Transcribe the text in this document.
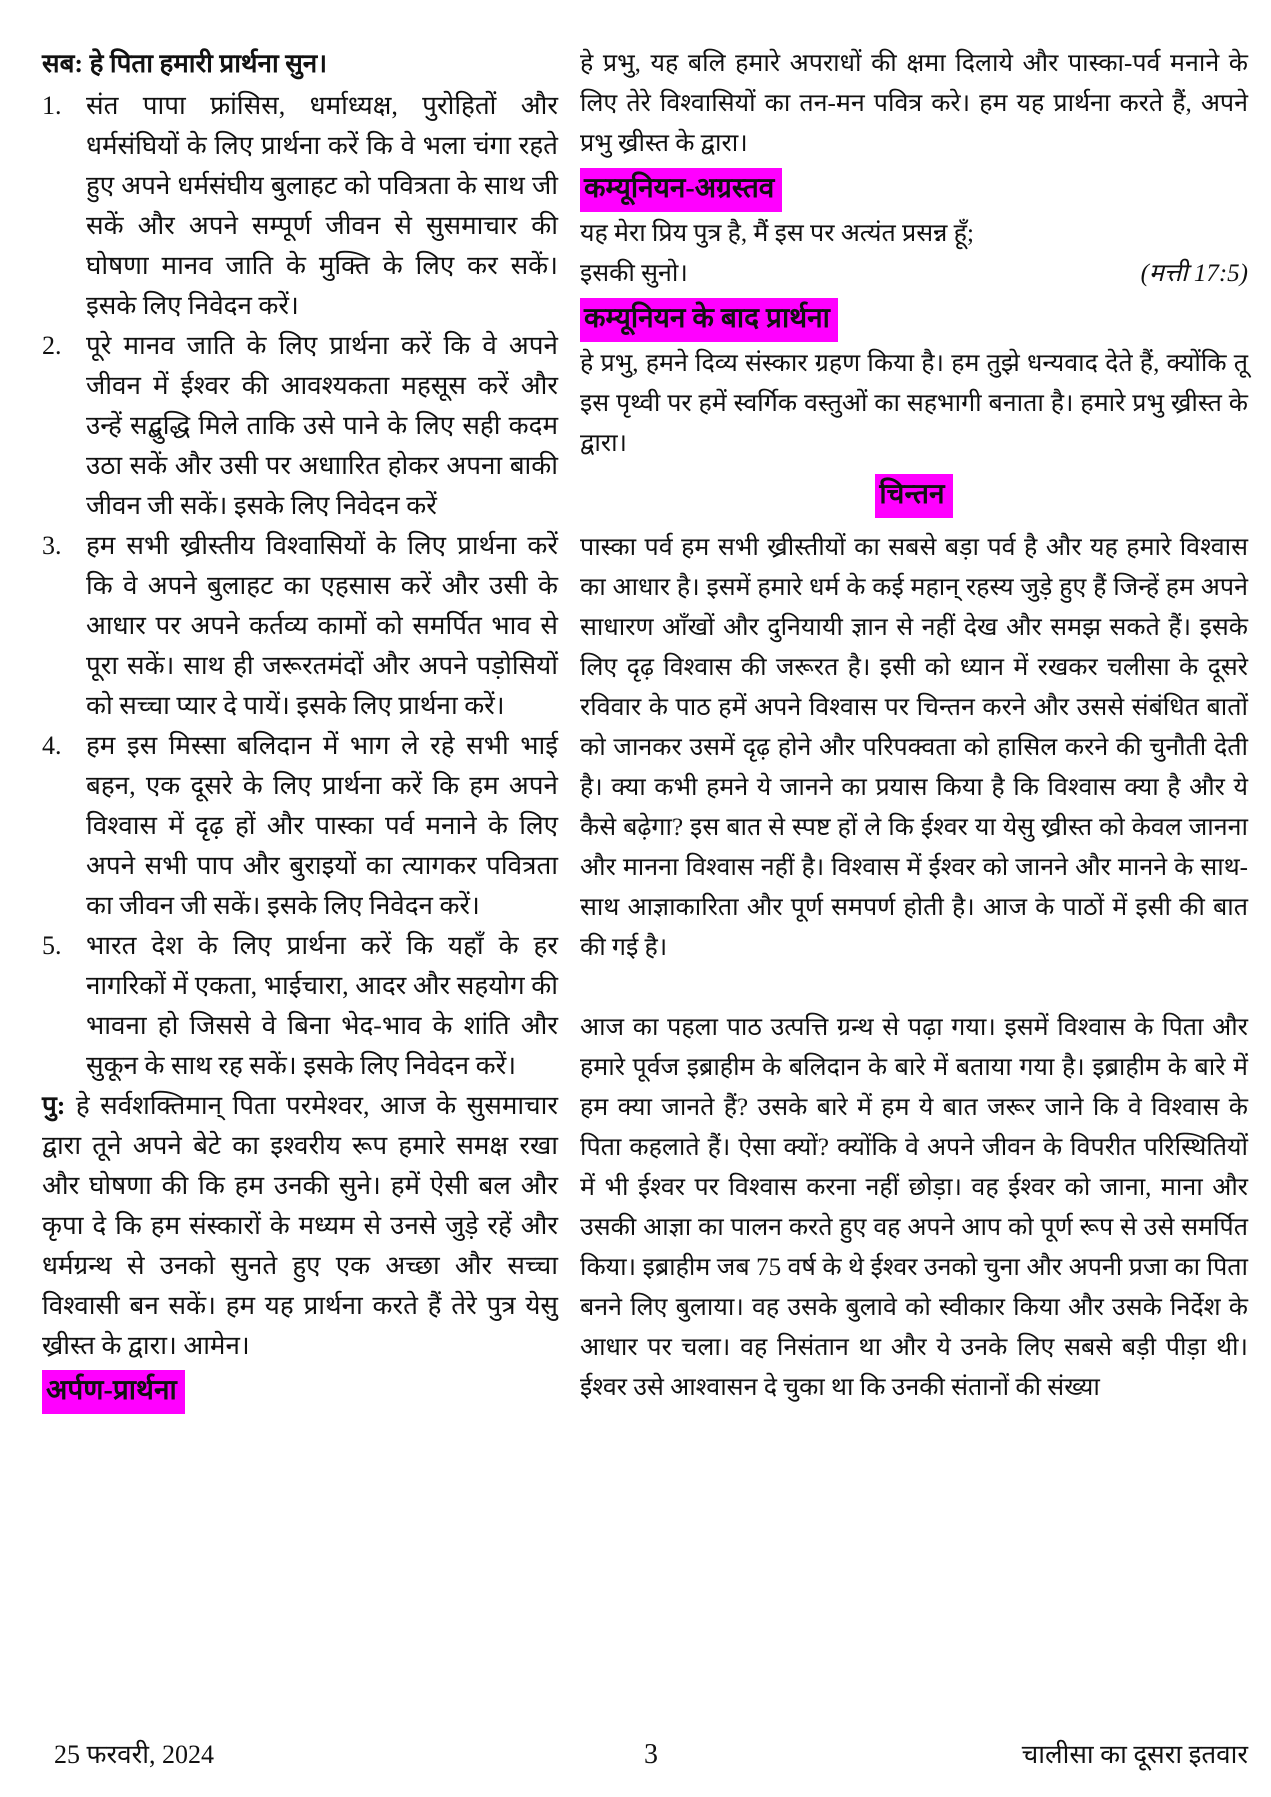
सब: हे पिता हमारी प्रार्थना सुन।

1. संत पापा फ्रांसिस, धर्माध्यक्ष, पुरोहितों और धर्मसंघियों के लिए प्रार्थना करें कि वे भला चंगा रहते हुए अपने धर्मसंघीय बुलाहट को पवित्रता के साथ जी सकें और अपने सम्पूर्ण जीवन से सुसमाचार की घोषणा मानव जाति के मुक्ति के लिए कर सकें। इसके लिए निवेदन करें।
2. पूरे मानव जाति के लिए प्रार्थना करें कि वे अपने जीवन में ईश्वर की आवश्यकता महसूस करें और उन्हें सद्बुद्धि मिले ताकि उसे पाने के लिए सही कदम उठा सकें और उसी पर अधाारित होकर अपना बाकी जीवन जी सकें। इसके लिए निवेदन करें
3. हम सभी ख्रीस्तीय विश्वासियों के लिए प्रार्थना करें कि वे अपने बुलाहट का एहसास करें और उसी के आधार पर अपने कर्तव्य कामों को समर्पित भाव से पूरा सकें। साथ ही जरूरतमंदों और अपने पड़ोसियों को सच्चा प्यार दे पायें। इसके लिए प्रार्थना करें।
4. हम इस मिस्सा बलिदान में भाग ले रहे सभी भाई बहन, एक दूसरे के लिए प्रार्थना करें कि हम अपने विश्वास में दृढ़ हों और पास्का पर्व मनाने के लिए अपने सभी पाप और बुराइयों का त्यागकर पवित्रता का जीवन जी सकें। इसके लिए निवेदन करें।
5. भारत देश के लिए प्रार्थना करें कि यहाँ के हर नागरिकों में एकता, भाईचारा, आदर और सहयोग की भावना हो जिससे वे बिना भेद-भाव के शांति और सुकून के साथ रह सकें। इसके लिए निवेदन करें।

पु: हे सर्वशक्तिमान् पिता परमेश्वर, आज के सुसमाचार द्वारा तूने अपने बेटे का इश्वरीय रूप हमारे समक्ष रखा और घोषणा की कि हम उनकी सुने। हमें ऐसी बल और कृपा दे कि हम संस्कारों के मध्यम से उनसे जुड़े रहें और धर्मग्रन्थ से उनको सुनते हुए एक अच्छा और सच्चा विश्वासी बन सकें। हम यह प्रार्थना करते हैं तेरे पुत्र येसु ख्रीस्त के द्वारा। आमेन।

अर्पण-प्रार्थना

हे प्रभु, यह बलि हमारे अपराधों की क्षमा दिलाये और पास्का-पर्व मनाने के लिए तेरे विश्वासियों का तन-मन पवित्र करे। हम यह प्रार्थना करते हैं, अपने प्रभु ख्रीस्त के द्वारा।

कम्यूनियन-अग्रस्तव
यह मेरा प्रिय पुत्र है, मैं इस पर अत्यंत प्रसन्न हूँ;
इसकी सुनो।	(मत्ती 17:5)
कम्यूनियन के बाद प्रार्थना

हे प्रभु, हमने दिव्य संस्कार ग्रहण किया है। हम तुझे धन्यवाद देते हैं, क्योंकि तू इस पृथ्वी पर हमें स्वर्गिक वस्तुओं का सहभागी बनाता है। हमारे प्रभु ख्रीस्त के द्वारा।

चिन्तन

पास्का पर्व हम सभी ख्रीस्तीयों का सबसे बड़ा पर्व है और यह हमारे विश्वास का आधार है। इसमें हमारे धर्म के कई महान् रहस्य जुड़े हुए हैं जिन्हें हम अपने साधारण आँखों और दुनियायी ज्ञान से नहीं देख और समझ सकते हैं। इसके लिए दृढ़ विश्वास की जरूरत है। इसी को ध्यान में रखकर चलीसा के दूसरे रविवार के पाठ हमें अपने विश्वास पर चिन्तन करने और उससे संबंधित बातों को जानकर उसमें दृढ़ होने और परिपक्वता को हासिल करने की चुनौती देती है। क्या कभी हमने ये जानने का प्रयास किया है कि विश्वास क्या है और ये कैसे बढ़ेगा? इस बात से स्पष्ट हों ले कि ईश्वर या येसु ख्रीस्त को केवल जानना और मानना विश्वास नहीं है। विश्वास में ईश्वर को जानने और मानने के साथ-साथ आज्ञाकारिता और पूर्ण समपर्ण होती है। आज के पाठों में इसी की बात की गई है।

आज का पहला पाठ उत्पत्ति ग्रन्थ से पढ़ा गया। इसमें विश्वास के पिता और हमारे पूर्वज इब्राहीम के बलिदान के बारे में बताया गया है। इब्राहीम के बारे में हम क्या जानते हैं? उसके बारे में हम ये बात जरूर जाने कि वे विश्वास के पिता कहलाते हैं। ऐसा क्यों? क्योंकि वे अपने जीवन के विपरीत परिस्थितियों में भी ईश्वर पर विश्वास करना नहीं छोड़ा। वह ईश्वर को जाना, माना और उसकी आज्ञा का पालन करते हुए वह अपने आप को पूर्ण रूप से उसे समर्पित किया। इब्राहीम जब 75 वर्ष के थे ईश्वर उनको चुना और अपनी प्रजा का पिता बनने लिए बुलाया। वह उसके बुलावे को स्वीकार किया और उसके निर्देश के आधार पर चला। वह निसंतान था और ये उनके लिए सबसे बड़ी पीड़ा थी। ईश्वर उसे आश्वासन दे चुका था कि उनकी संतानों की संख्या

25 फरवरी, 2024	3	चालीसा का दूसरा इतवार
